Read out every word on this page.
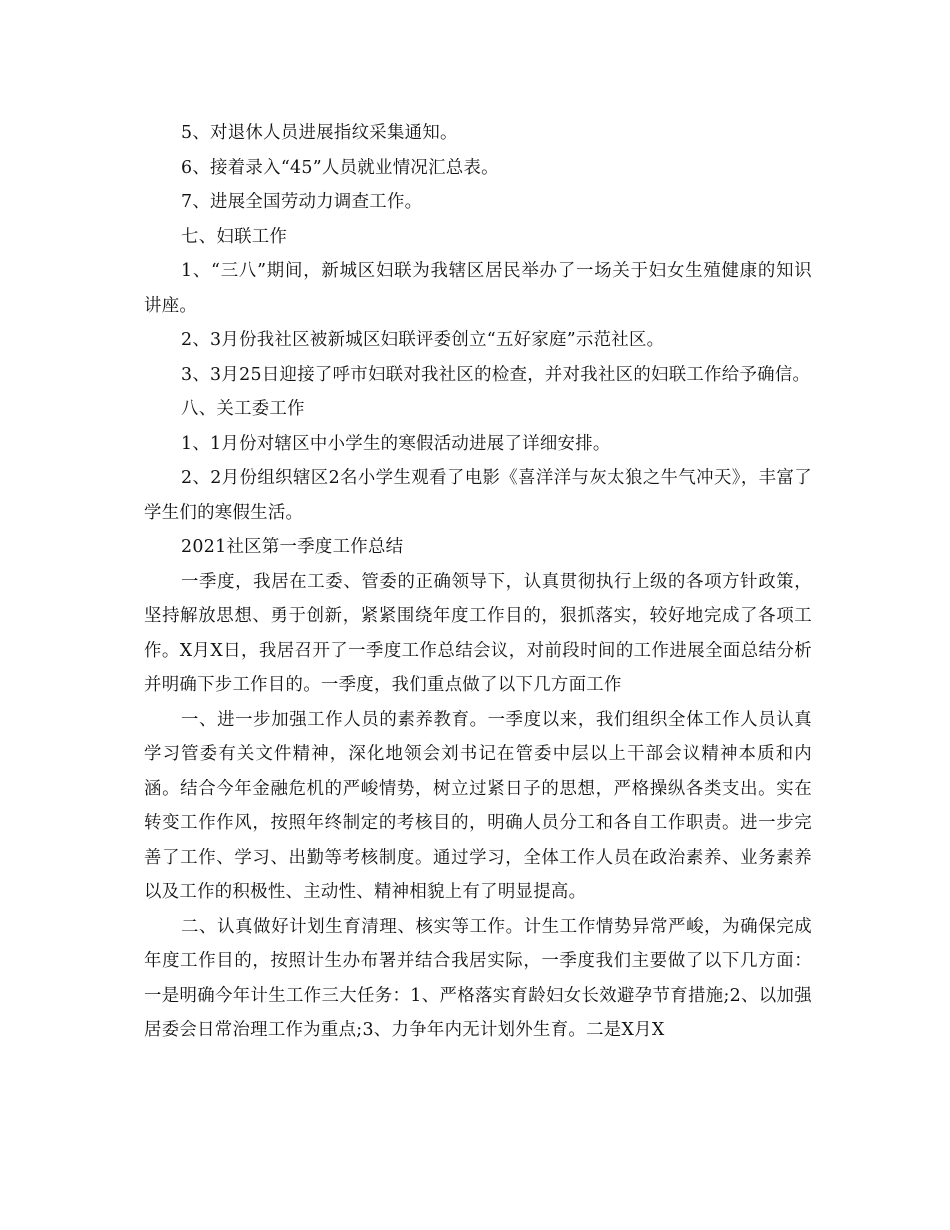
5、对退休人员进展指纹采集通知。

6、接着录入“45”人员就业情况汇总表。

7、进展全国劳动力调查工作。

七、妇联工作

1、“三八”期间，新城区妇联为我辖区居民举办了一场关于妇女生殖健康的知识讲座。

2、3月份我社区被新城区妇联评委创立“五好家庭”示范社区。

3、3月25日迎接了呼市妇联对我社区的检查，并对我社区的妇联工作给予确信。

八、关工委工作

1、1月份对辖区中小学生的寒假活动进展了详细安排。

2、2月份组织辖区2名小学生观看了电影《喜洋洋与灰太狼之牛气冲天》，丰富了学生们的寒假生活。

2021社区第一季度工作总结

一季度，我居在工委、管委的正确领导下，认真贯彻执行上级的各项方针政策，坚持解放思想、勇于创新，紧紧围绕年度工作目的，狠抓落实，较好地完成了各项工作。X月X日，我居召开了一季度工作总结会议，对前段时间的工作进展全面总结分析并明确下步工作目的。一季度，我们重点做了以下几方面工作

一、进一步加强工作人员的素养教育。一季度以来，我们组织全体工作人员认真学习管委有关文件精神，深化地领会刘书记在管委中层以上干部会议精神本质和内涵。结合今年金融危机的严峻情势，树立过紧日子的思想，严格操纵各类支出。实在转变工作作风，按照年终制定的考核目的，明确人员分工和各自工作职责。进一步完善了工作、学习、出勤等考核制度。通过学习，全体工作人员在政治素养、业务素养以及工作的积极性、主动性、精神相貌上有了明显提高。

二、认真做好计划生育清理、核实等工作。计生工作情势异常严峻，为确保完成年度工作目的，按照计生办布署并结合我居实际，一季度我们主要做了以下几方面：一是明确今年计生工作三大任务：1、严格落实育龄妇女长效避孕节育措施;2、以加强居委会日常治理工作为重点;3、力争年内无计划外生育。二是X月X
